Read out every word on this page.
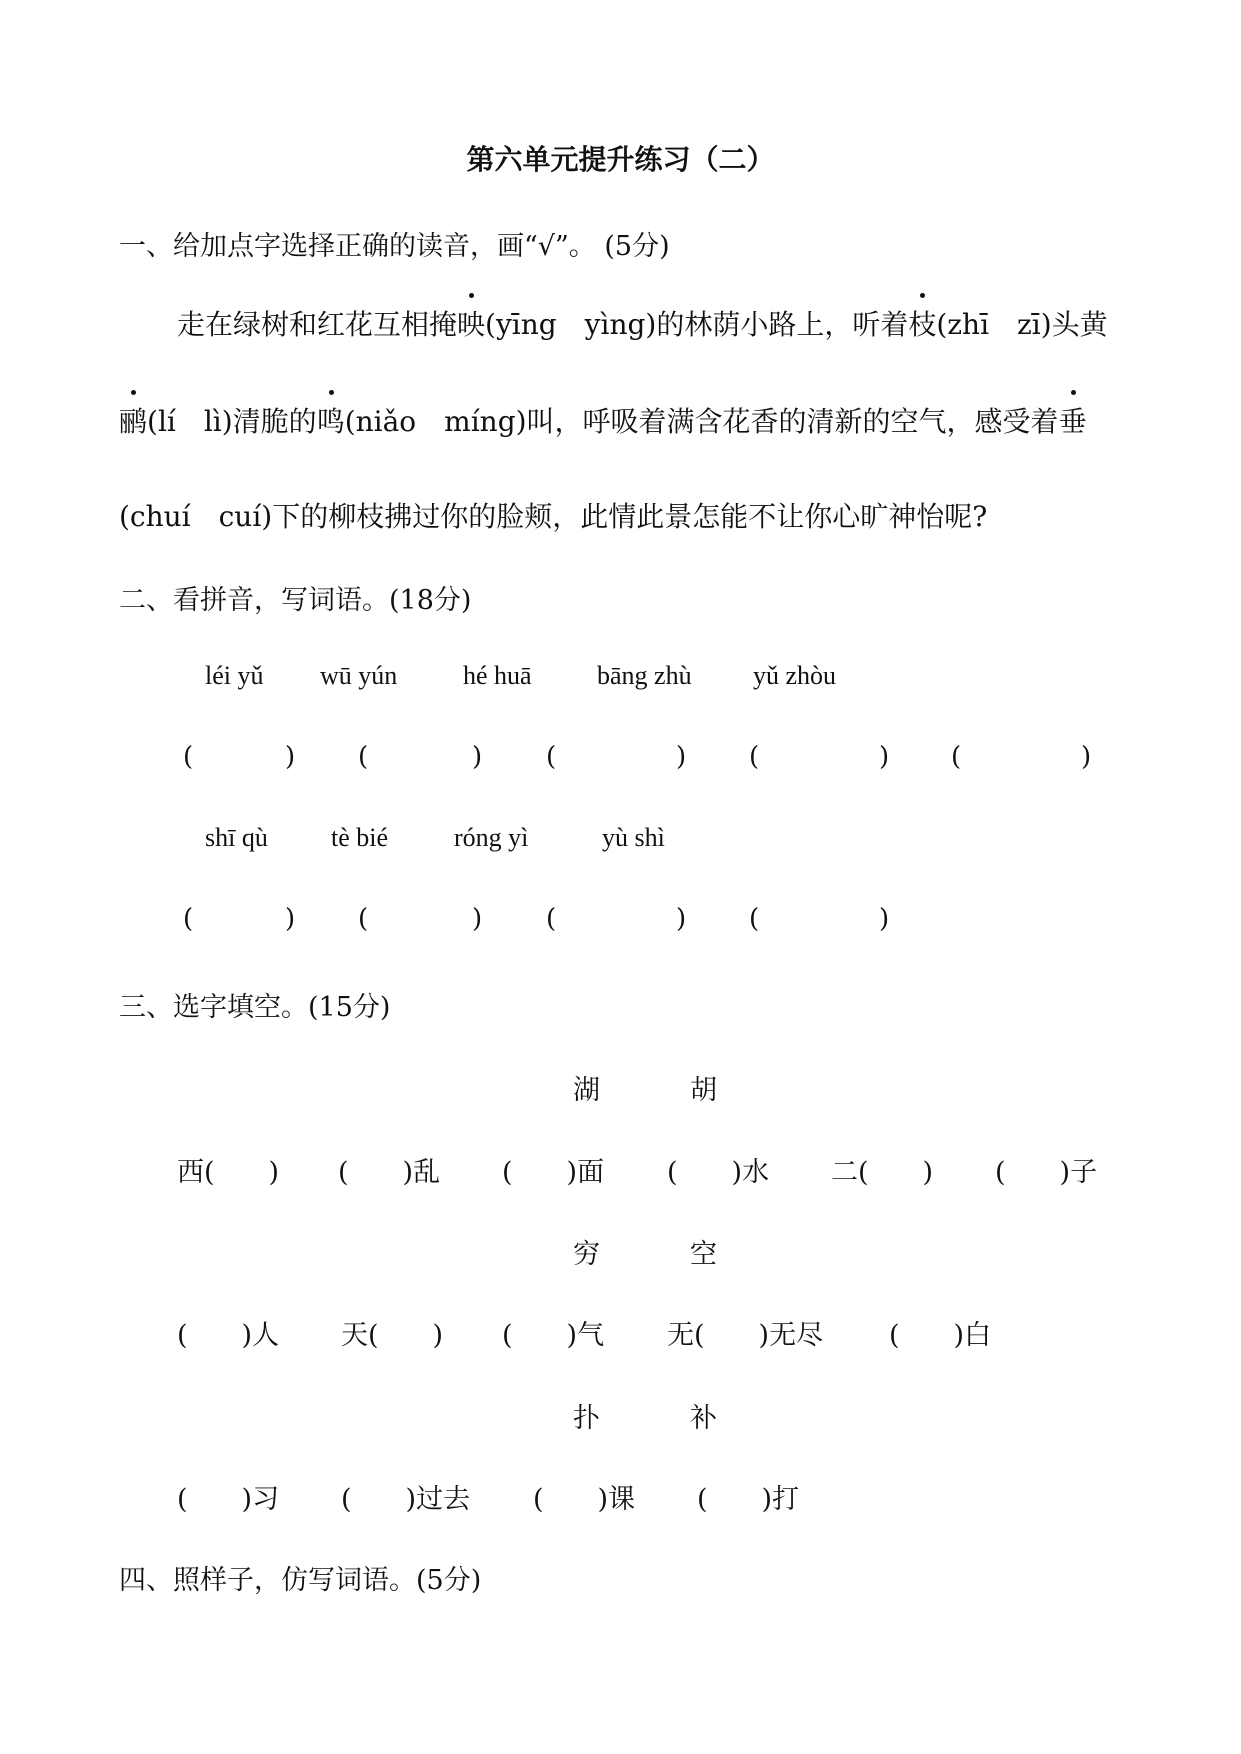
第六单元提升练习（二）
一、给加点字选择正确的读音，画“√”。 (5分)
走在绿树和红花互相掩映(yīng　yìng)的林荫小路上，听着枝(zhī　zī)头黄
鹂(lí　lì)清脆的鸣(niǎo　míng)叫，呼吸着满含花香的清新的空气，感受着垂
(chuí　cuí)下的柳枝拂过你的脸颊，此情此景怎能不让你心旷神怡呢?
二、看拼音，写词语。(18分)
léi yǔ wū yún	hé huā	bāng zhù yǔ zhòu
(	) (	) (	) (	) (	)
shī qù tè bié	róng yì	yù shì
(	) (	) (	) (	)
三、选字填空。(15分)
湖	胡
西(　　) (　　)乱 (　　)面 (　　)水 二(　　) (　　)子
穷	空
(　　)人 天(　　) (　　)气 无(　　)无尽 (　　)白
扑	补
(　　)习 (　　)过去 (　　)课 (　　)打
四、照样子，仿写词语。(5分)
